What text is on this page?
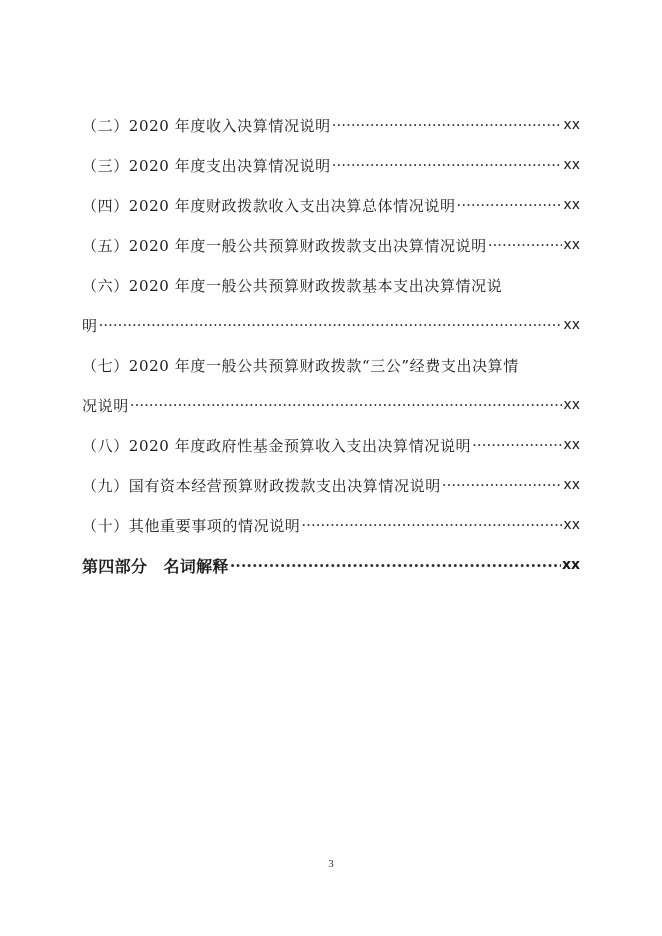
（二）2020 年度收入决算情况说明 ·····	xx
（三）2020 年度支出决算情况说明 ·····	xx
（四）2020 年度财政拨款收入支出决算总体情况说明 ·····	xx
（五）2020 年度一般公共预算财政拨款支出决算情况说明 ·····	xx
（六）2020 年度一般公共预算财政拨款基本支出决算情况说
明 ·····	xx
（七）2020 年度一般公共预算财政拨款“三公”经费支出决算情
况说明 ·····	xx
（八）2020 年度政府性基金预算收入支出决算情况说明 ·····	xx
（九）国有资本经营预算财政拨款支出决算情况说明 ·····	xx
（十）其他重要事项的情况说明 ·····	xx
第四部分　名词解释 ·····	xx
3
